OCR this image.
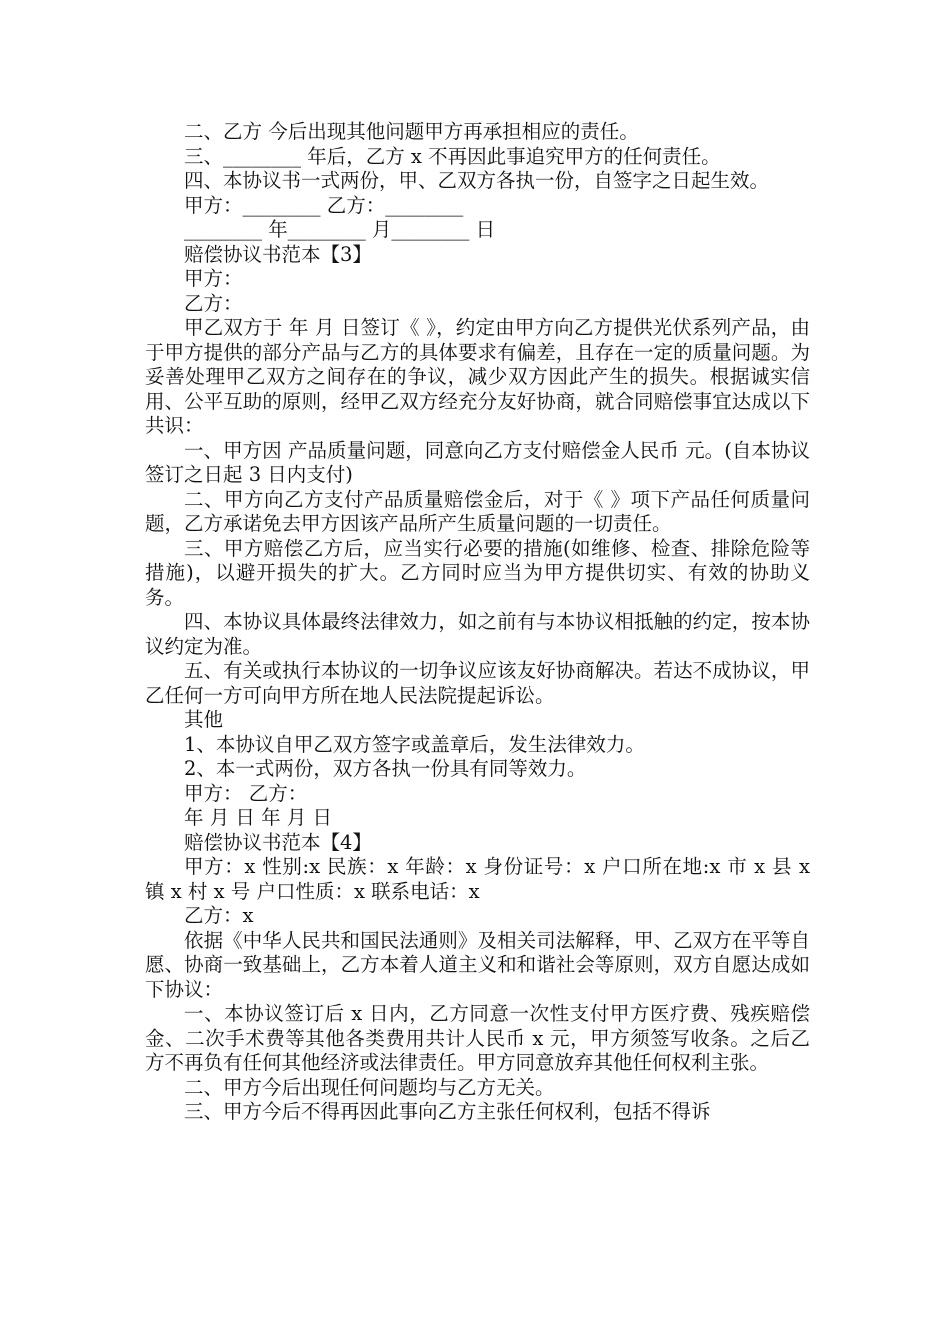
二、乙方 今后出现其他问题甲方再承担相应的责任。

三、________ 年后，乙方 x 不再因此事追究甲方的任何责任。

四、本协议书一式两份，甲、乙双方各执一份，自签字之日起生效。

甲方：________ 乙方：________

________ 年________ 月________ 日

赔偿协议书范本【3】

甲方：

乙方：

甲乙双方于 年 月 日签订《 》，约定由甲方向乙方提供光伏系列产品，由于甲方提供的部分产品与乙方的具体要求有偏差，且存在一定的质量问题。为妥善处理甲乙双方之间存在的争议，减少双方因此产生的损失。根据诚实信用、公平互助的原则，经甲乙双方经充分友好协商，就合同赔偿事宜达成以下共识：

一、甲方因 产品质量问题，同意向乙方支付赔偿金人民币 元。(自本协议签订之日起 3 日内支付)

二、甲方向乙方支付产品质量赔偿金后，对于《 》项下产品任何质量问题，乙方承诺免去甲方因该产品所产生质量问题的一切责任。

三、甲方赔偿乙方后，应当实行必要的措施(如维修、检查、排除危险等措施)，以避开损失的扩大。乙方同时应当为甲方提供切实、有效的协助义务。

四、本协议具体最终法律效力，如之前有与本协议相抵触的约定，按本协议约定为准。

五、有关或执行本协议的一切争议应该友好协商解决。若达不成协议，甲乙任何一方可向甲方所在地人民法院提起诉讼。

其他

1、本协议自甲乙双方签字或盖章后，发生法律效力。

2、本一式两份，双方各执一份具有同等效力。

甲方： 乙方：

年 月 日 年 月 日

赔偿协议书范本【4】

甲方：x 性别:x 民族：x 年龄：x 身份证号：x 户口所在地:x 市 x 县 x 镇 x 村 x 号 户口性质：x 联系电话：x

乙方：x

依据《中华人民共和国民法通则》及相关司法解释，甲、乙双方在平等自愿、协商一致基础上，乙方本着人道主义和和谐社会等原则，双方自愿达成如下协议：

一、本协议签订后 x 日内，乙方同意一次性支付甲方医疗费、残疾赔偿金、二次手术费等其他各类费用共计人民币 x 元，甲方须签写收条。之后乙方不再负有任何其他经济或法律责任。甲方同意放弃其他任何权利主张。

二、甲方今后出现任何问题均与乙方无关。

三、甲方今后不得再因此事向乙方主张任何权利，包括不得诉
